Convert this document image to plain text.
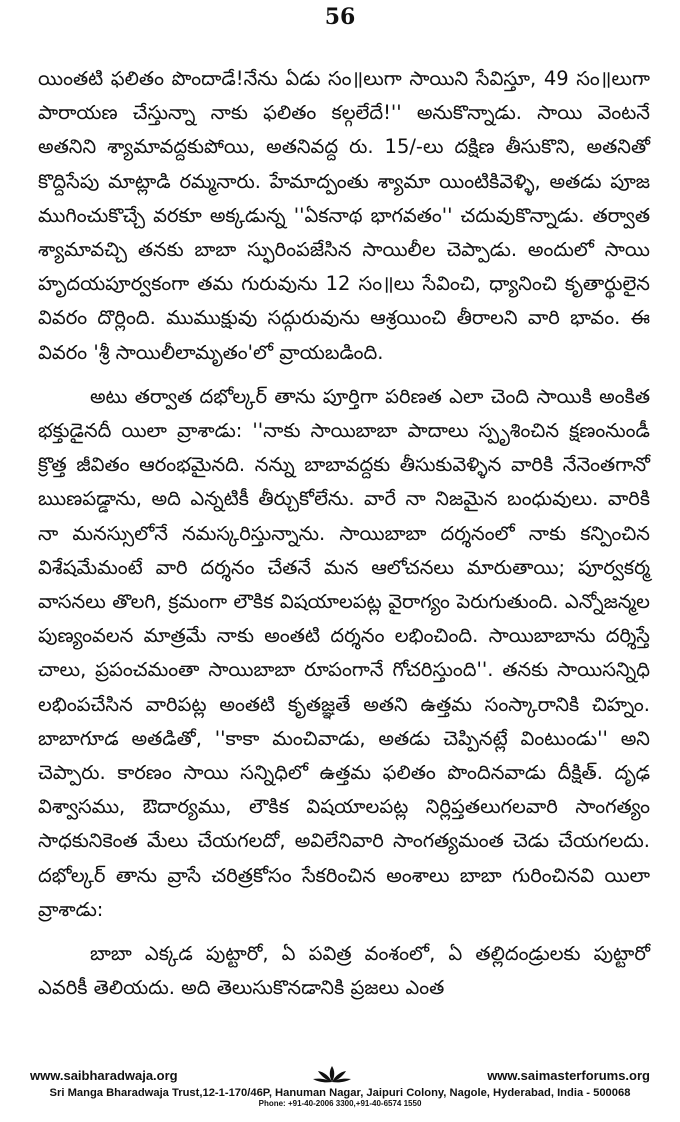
56

యింతటి ఫలితం పొందాడే!నేను ఏడు సం॥లుగా సాయిని సేవిస్తూ, 49 సం॥లుగా పారాయణ చేస్తున్నా నాకు ఫలితం కల్గలేదే!'' అనుకొన్నాడు. సాయి వెంటనే అతనిని శ్యామావద్దకుపోయి, అతనివద్ద రు. 15/-లు దక్షిణ తీసుకొని, అతనితో కొద్దిసేపు మాట్లాడి రమ్మనారు. హేమాద్పంతు శ్యామా యింటికివెళ్ళి, అతడు పూజ ముగించుకొచ్చే వరకూ అక్కడున్న ''ఏకనాథ భాగవతం'' చదువుకొన్నాడు. తర్వాత శ్యామావచ్చి తనకు బాబా స్ఫురింపజేసిన సాయిలీల చెప్పాడు. అందులో సాయి హృదయపూర్వకంగా తమ గురువును 12 సం॥లు సేవించి, ధ్యానించి కృతార్థులైన వివరం దొర్లింది. ముముక్షువు సద్గురువును ఆశ్రయించి తీరాలని వారి భావం. ఈ వివరం 'శ్రీ సాయిలీలామృతం'లో వ్రాయబడింది.

అటు తర్వాత దభోల్కర్ తాను పూర్తిగా పరిణత ఎలా చెంది సాయికి అంకిత భక్తుడైనదీ యిలా వ్రాశాడు: ''నాకు సాయిబాబా పాదాలు స్పృశించిన క్షణంనుండీ క్రొత్త జీవితం ఆరంభమైనది. నన్ను బాబావద్దకు తీసుకువెళ్ళిన వారికి నేనెంతగానో ఋణపడ్డాను, అది ఎన్నటికీ తీర్చుకోలేను. వారే నా నిజమైన బంధువులు. వారికి నా మనస్సులోనే నమస్కరిస్తున్నాను. సాయిబాబా దర్శనంలో నాకు కన్పించిన విశేషమేమంటే వారి దర్శనం చేతనే మన ఆలోచనలు మారుతాయి; పూర్వకర్మ వాసనలు తొలగి, క్రమంగా లౌకిక విషయాలపట్ల వైరాగ్యం పెరుగుతుంది. ఎన్నోజన్మల పుణ్యంవలన మాత్రమే నాకు అంతటి దర్శనం లభించింది. సాయిబాబాను దర్శిస్తే చాలు, ప్రపంచమంతా సాయిబాబా రూపంగానే గోచరిస్తుంది''. తనకు సాయిసన్నిధి లభింపచేసిన వారిపట్ల అంతటి కృతజ్ఞతే అతని ఉత్తమ సంస్కారానికి చిహ్నం. బాబాగూడ అతడితో, ''కాకా మంచివాడు, అతడు చెప్పినట్లే వింటుండు'' అని చెప్పారు. కారణం సాయి సన్నిధిలో ఉత్తమ ఫలితం పొందినవాడు దీక్షిత్. దృఢ విశ్వాసము, ఔదార్యము, లౌకిక విషయాలపట్ల నిర్లిప్తతలుగలవారి సాంగత్యం సాధకునికెంత మేలు చేయగలదో, అవిలేనివారి సాంగత్యమంత చెడు చేయగలదు. దభోల్కర్ తాను వ్రాసే చరిత్రకోసం సేకరించిన అంశాలు బాబా గురించినవి యిలా వ్రాశాడు:

బాబా ఎక్కడ పుట్టారో, ఏ పవిత్ర వంశంలో, ఏ తల్లిదండ్రులకు పుట్టారో ఎవరికీ తెలియదు. అది తెలుసుకొనడానికి ప్రజలు ఎంత

www.saibharadwaja.org	www.saimasterforums.org
Sri Manga Bharadwaja Trust,12-1-170/46P, Hanuman Nagar, Jaipuri Colony, Nagole, Hyderabad, India - 500068
Phone: +91-40-2006 3300,+91-40-6574 1550
